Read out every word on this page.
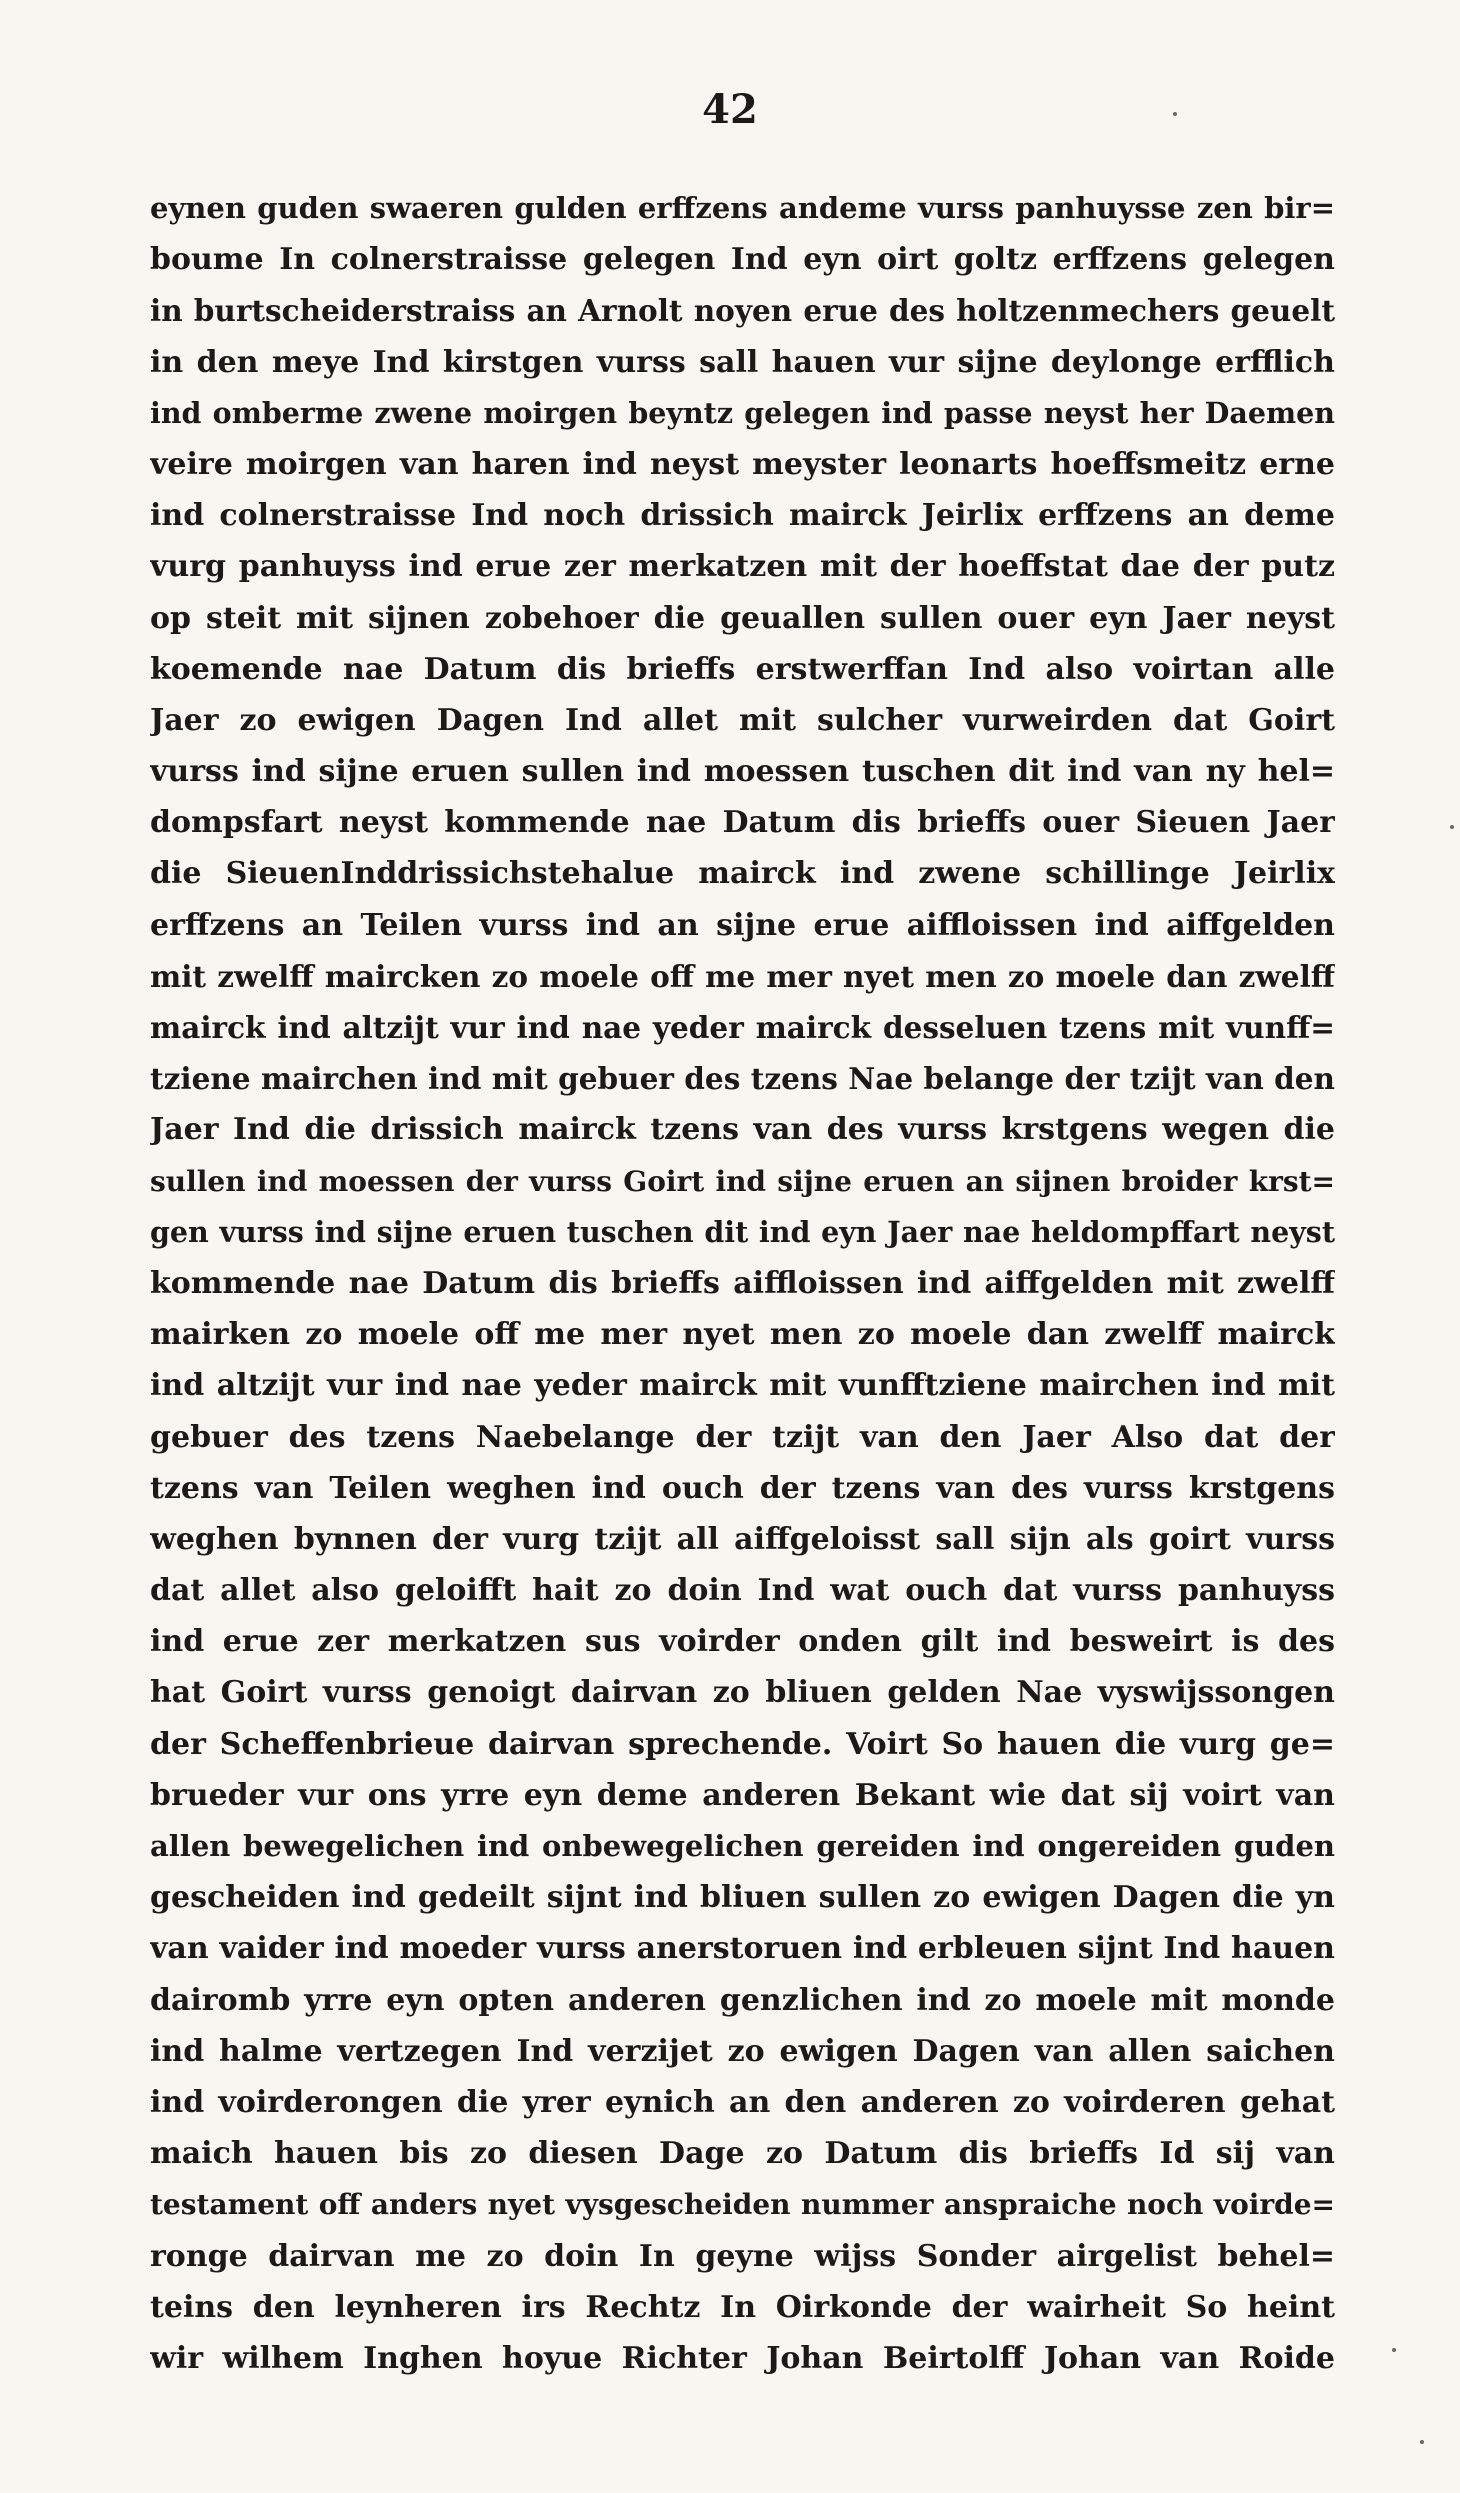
42
eynen guden swaeren gulden erffzens andeme vurss panhuysse zen bir=
boume In colnerstraisse gelegen Ind eyn oirt goltz erffzens gelegen
in burtscheiderstraiss an Arnolt noyen erue des holtzenmechers geuelt
in den meye Ind kirstgen vurss sall hauen vur sijne deylonge erfflich
ind omberme zwene moirgen beyntz gelegen ind passe neyst her Daemen
veire moirgen van haren ind neyst meyster leonarts hoeffsmeitz erne
ind colnerstraisse Ind noch drissich mairck Jeirlix erffzens an deme
vurg panhuyss ind erue zer merkatzen mit der hoeffstat dae der putz
op steit mit sijnen zobehoer die geuallen sullen ouer eyn Jaer neyst
koemende nae Datum dis brieffs erstwerffan Ind also voirtan alle
Jaer zo ewigen Dagen Ind allet mit sulcher vurweirden dat Goirt
vurss ind sijne eruen sullen ind moessen tuschen dit ind van ny hel=
dompsfart neyst kommende nae Datum dis brieffs ouer Sieuen Jaer
die SieuenInddrissichstehalue mairck ind zwene schillinge Jeirlix
erffzens an Teilen vurss ind an sijne erue aiffloissen ind aiffgelden
mit zwelff maircken zo moele off me mer nyet men zo moele dan zwelff
mairck ind altzijt vur ind nae yeder mairck desseluen tzens mit vunff=
tziene mairchen ind mit gebuer des tzens Nae belange der tzijt van den
Jaer Ind die drissich mairck tzens van des vurss krstgens wegen die
sullen ind moessen der vurss Goirt ind sijne eruen an sijnen broider krst=
gen vurss ind sijne eruen tuschen dit ind eyn Jaer nae heldompffart neyst
kommende nae Datum dis brieffs aiffloissen ind aiffgelden mit zwelff
mairken zo moele off me mer nyet men zo moele dan zwelff mairck
ind altzijt vur ind nae yeder mairck mit vunfftziene mairchen ind mit
gebuer des tzens Naebelange der tzijt van den Jaer Also dat der
tzens van Teilen weghen ind ouch der tzens van des vurss krstgens
weghen bynnen der vurg tzijt all aiffgeloisst sall sijn als goirt vurss
dat allet also geloifft hait zo doin Ind wat ouch dat vurss panhuyss
ind erue zer merkatzen sus voirder onden gilt ind besweirt is des
hat Goirt vurss genoigt dairvan zo bliuen gelden Nae vyswijssongen
der Scheffenbrieue dairvan sprechende. Voirt So hauen die vurg ge=
brueder vur ons yrre eyn deme anderen Bekant wie dat sij voirt van
allen bewegelichen ind onbewegelichen gereiden ind ongereiden guden
gescheiden ind gedeilt sijnt ind bliuen sullen zo ewigen Dagen die yn
van vaider ind moeder vurss anerstoruen ind erbleuen sijnt Ind hauen
dairomb yrre eyn opten anderen genzlichen ind zo moele mit monde
ind halme vertzegen Ind verzijet zo ewigen Dagen van allen saichen
ind voirderongen die yrer eynich an den anderen zo voirderen gehat
maich hauen bis zo diesen Dage zo Datum dis brieffs Id sij van
testament off anders nyet vysgescheiden nummer anspraiche noch voirde=
ronge dairvan me zo doin In geyne wijss Sonder airgelist behel=
teins den leynheren irs Rechtz In Oirkonde der wairheit So heint
wir wilhem Inghen hoyue Richter Johan Beirtolff Johan van Roide
